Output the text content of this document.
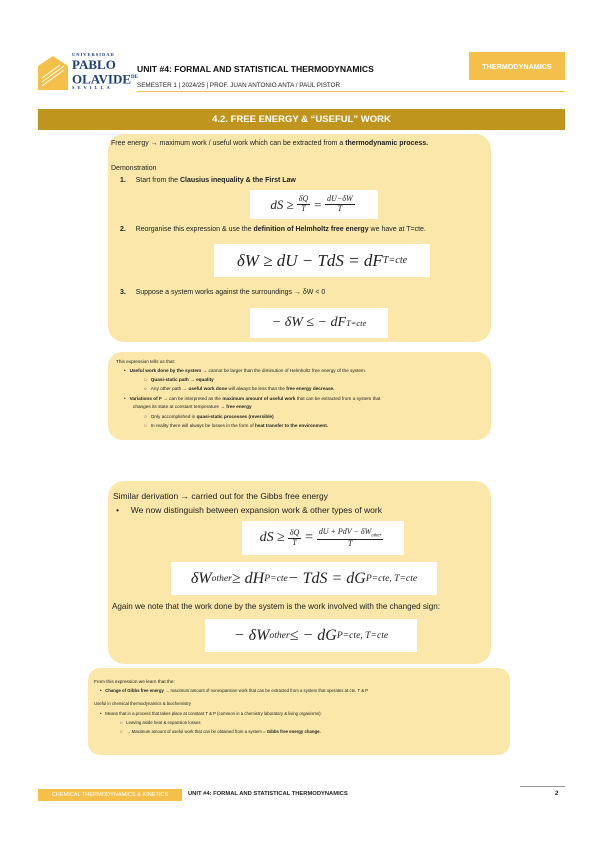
UNIVERSIDAD
PABLO
$OLAVIDE^{DE}$
SEVILLA
UNIT #4: FORMAL AND STATISTICAL THERMODYNAMICS
SEMESTER 1 | 2024/25 | PROF. JUAN ANTONIO ANTA / PAUL PISTOR
THERMODYNAMICS
4.2. FREE ENERGY & “USEFUL” WORK
Free energy → maximum work / useful work which can be extracted from a thermodynamic process.
Demonstration
1. Start from the Clausius inequality & the First Law
dS ≥ $\frac{\delta Q}{T} = \frac{dU-\delta W}{T}$
2. Reorganise this expression & use the definition of Helmholtz free energy we have at T=cte.
δW ≥ dU − TdS = dF T=cte
3. Suppose a system works against the surroundings → δW < 0
− δW ≤ − dF T=cte
This expression tells us that:
•   Useful work done by the system → cannot be larger than the diminution of Helmholtz free energy of the system.
○   Quasi-static path → equality
○   Any other path → useful work done will always be less than the free energy decrease.
•   Variations of F → can be interpreted as the maximum amount of useful work that can be extracted from a system that
changes its state at constant temperature → free energy
○   Only accomplished in quasi-static processes (reversible)
○   In reality there will always be losses in the form of heat transfer to the environment.
Similar derivation → carried out for the Gibbs free energy
•     We now distinguish between expansion work & other types of work
dS ≥ $\frac{\delta Q}{T} = \frac{dU + PdV - \delta W_{other}}{T}$
δW other ≥ dH P=cte − TdS = dG P=cte, T=cte
Again we note that the work done by the system is the work involved with the changed sign:
− δW other ≤ − dG P=cte, T=cte
From this expression we learn that the:
•   Change of Gibbs free energy → maximum amount of nonexpansion work that can be extracted from a system that operates at cte. T & P
Useful in chemical thermodynamics & biochemistry
•   Means that in a process that takes place at constant T & P (common in a chemistry laboratory & living organisms):
○   Leaving aside heat & expansion losses
○   → Maximum amount of useful work that can be obtained from a system = Gibbs free energy change.
CHEMICAL THERMODYNAMICS & KINETICS	UNIT #4: FORMAL AND STATISTICAL THERMODYNAMICS	2
